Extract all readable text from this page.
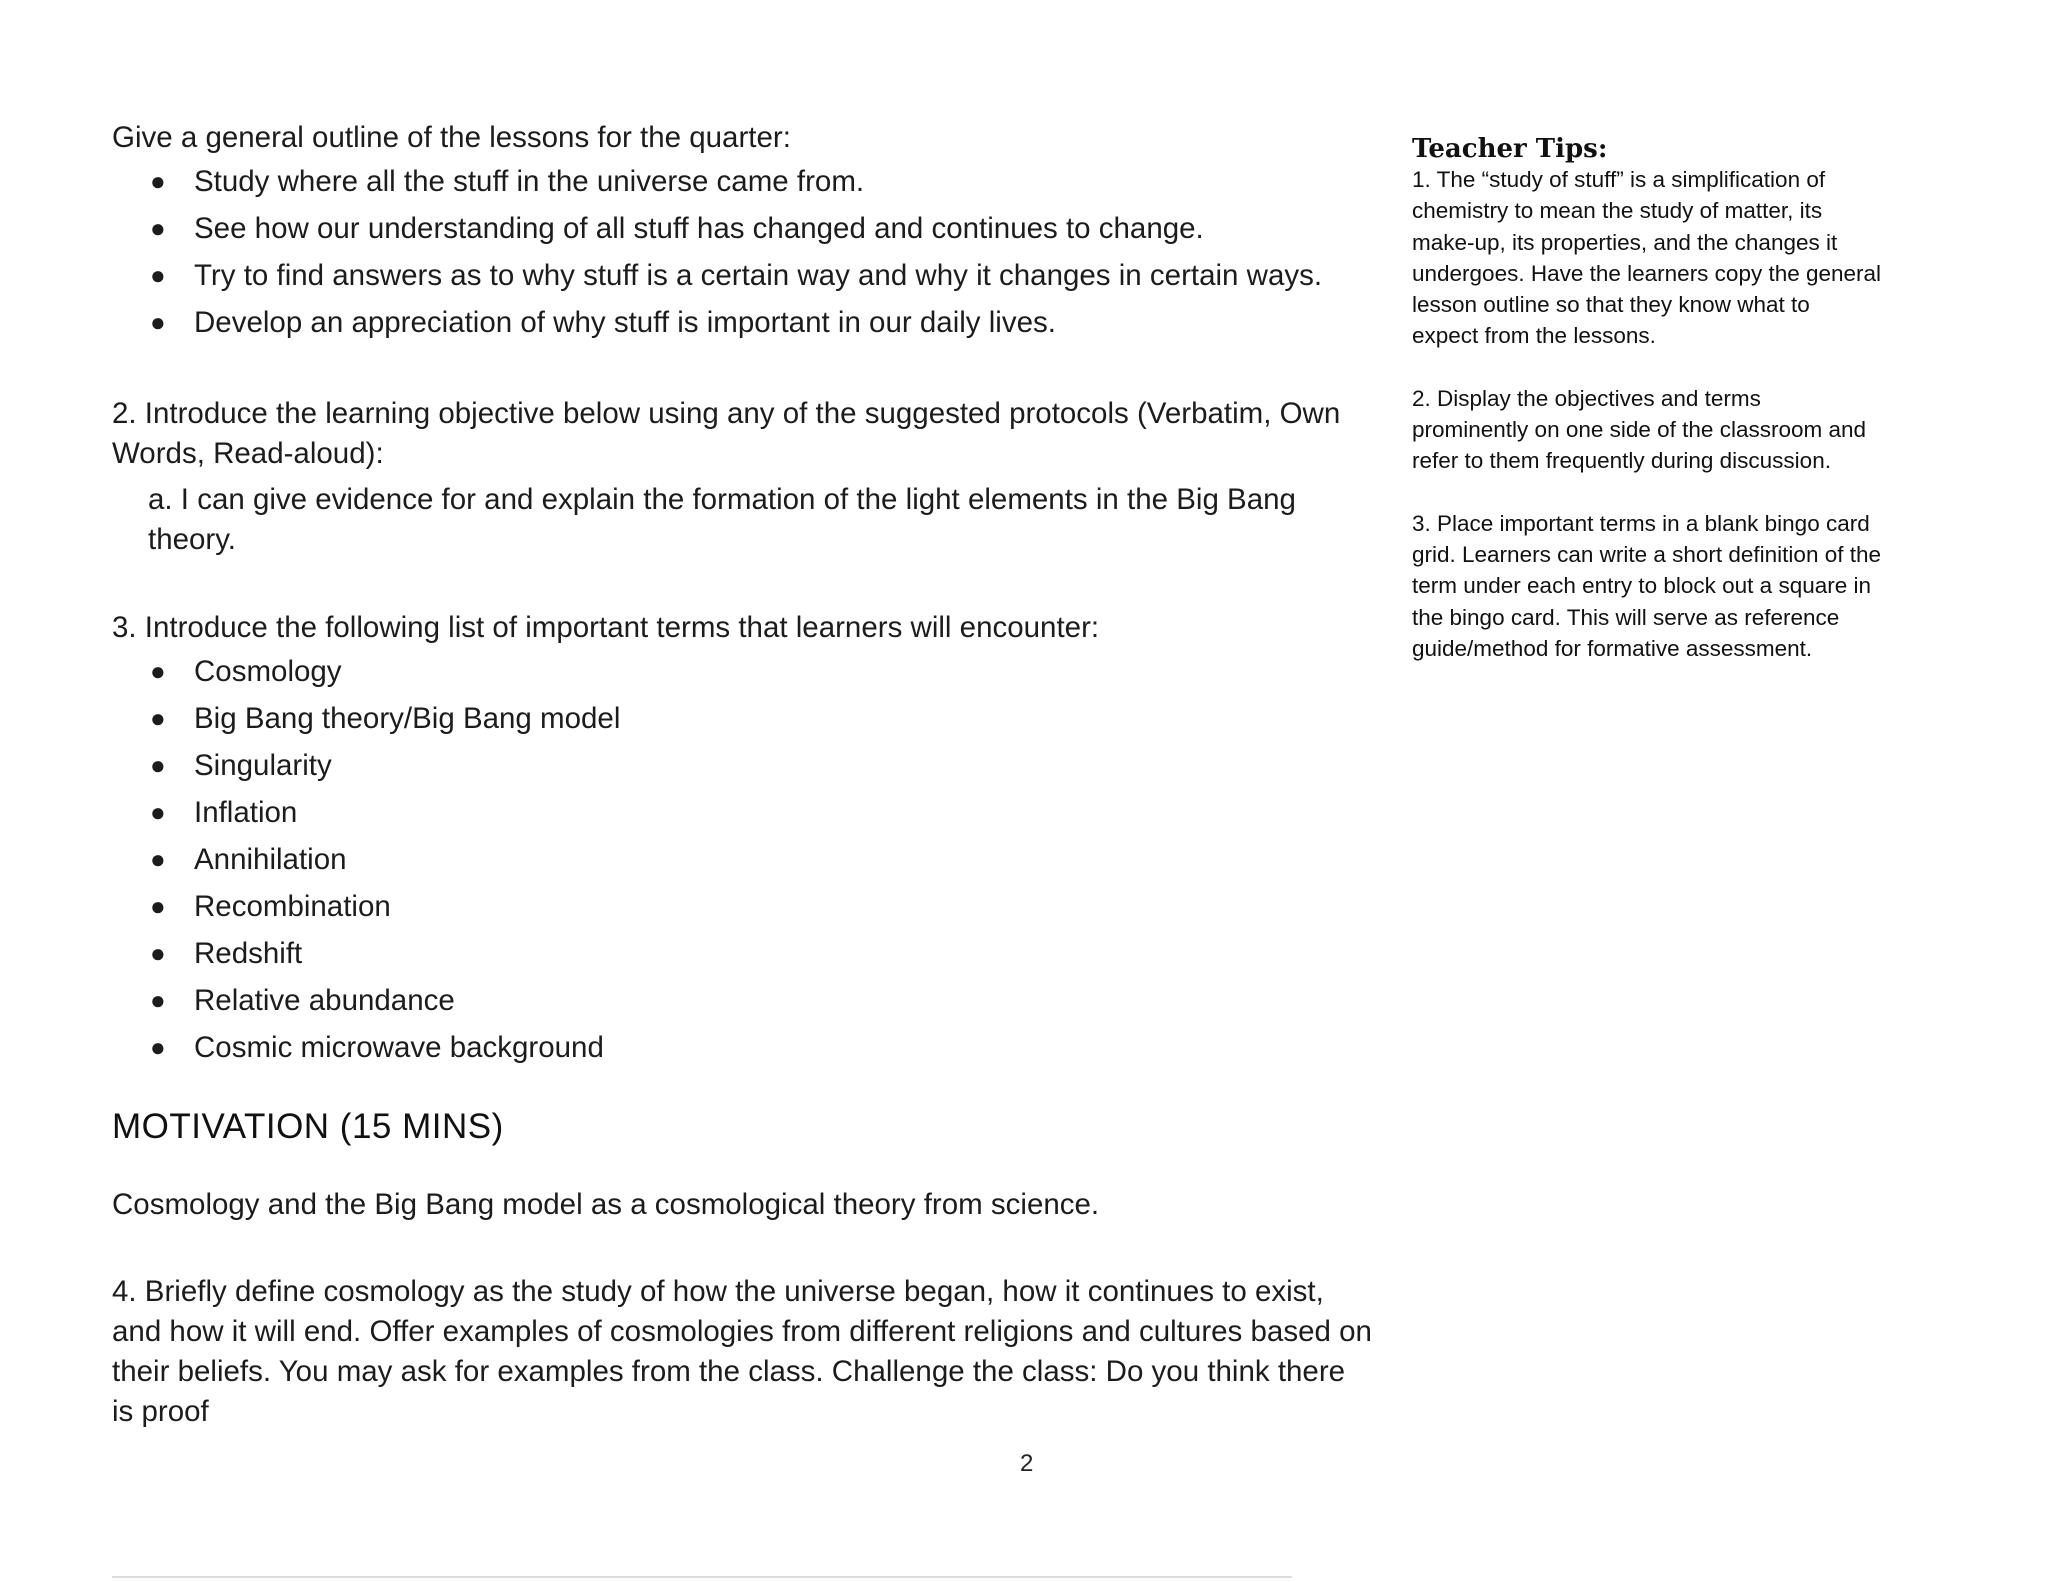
Give a general outline of the lessons for the quarter:

● Study where all the stuff in the universe came from.
● See how our understanding of all stuff has changed and continues to change.
● Try to find answers as to why stuff is a certain way and why it changes in certain ways.
● Develop an appreciation of why stuff is important in our daily lives.

2. Introduce the learning objective below using any of the suggested protocols (Verbatim, Own Words, Read-aloud):

a. I can give evidence for and explain the formation of the light elements in the Big Bang theory.

3. Introduce the following list of important terms that learners will encounter:

● Cosmology
● Big Bang theory/Big Bang model
● Singularity
● Inflation
● Annihilation
● Recombination
● Redshift
● Relative abundance
● Cosmic microwave background
MOTIVATION (15 MINS)

Cosmology and the Big Bang model as a cosmological theory from science.

4. Briefly define cosmology as the study of how the universe began, how it continues to exist, and how it will end. Offer examples of cosmologies from different religions and cultures based on their beliefs. You may ask for examples from the class. Challenge the class: Do you think there is proof

Teacher Tips:

1. The “study of stuff” is a simplification of chemistry to mean the study of matter, its make-up, its properties, and the changes it undergoes. Have the learners copy the general lesson outline so that they know what to expect from the lessons.

2. Display the objectives and terms prominently on one side of the classroom and refer to them frequently during discussion.

3. Place important terms in a blank bingo card grid. Learners can write a short definition of the term under each entry to block out a square in the bingo card. This will serve as reference guide/method for formative assessment.

2
